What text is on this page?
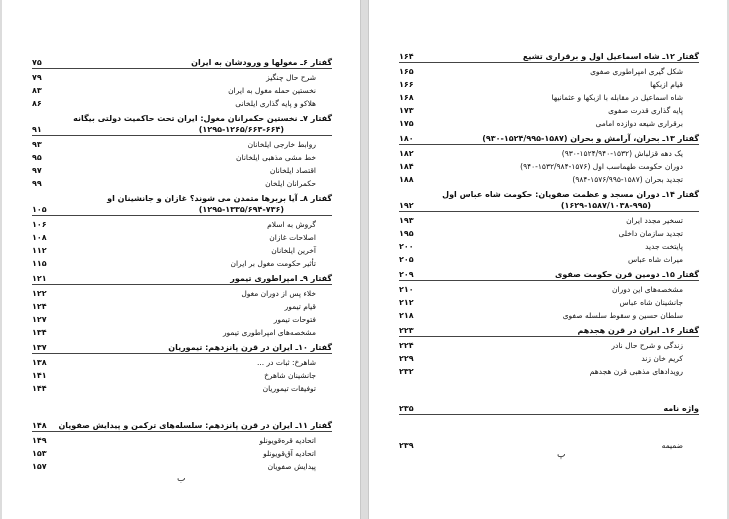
گفتار ۶ـ مغولها و ورودشان به ایران
۷۵
شرح حال چنگیز
۷۹
نخستین حمله مغول به ایران
۸۳
هلاکو و پایه گذاری ایلخانی
۸۶
گفتار ۷ـ نخستین حکمرانان مغول: ایران تحت حاکمیت دولتی بیگانه
(۱۲۹۵-۱۲۶۵/۶۶۳-۶۶۴)
۹۱
روابط خارجی ایلخانان
۹۳
خط مشی مذهبی ایلخانان
۹۵
اقتصاد ایلخانان
۹۷
حکمرانان ایلخان
۹۹
گفتار ۸ـ آیا بربرها متمدن می شوند؟ غازان و جانشینان او
(۱۲۹۵-۱۳۳۵/۶۹۴-۷۳۶)
۱۰۵
گروش به اسلام
۱۰۶
اصلاحات غازان
۱۰۸
آخرین ایلخانان
۱۱۲
تأثیر حکومت مغول بر ایران
۱۱۵
گفتار ۹ـ امپراطوری تیمور
۱۲۱
خلاء پس از دوران مغول
۱۲۲
قیام تیمور
۱۲۴
فتوحات تیمور
۱۲۷
مشخصه‌های امپراطوری تیمور
۱۳۴
گفتار ۱۰ـ ایران در قرن پانزدهم: تیموریان
۱۳۷
شاهرخ: ثبات در ...
۱۳۸
جانشینان شاهرخ
۱۴۱
توفیقات تیموریان
۱۴۴
گفتار ۱۱ـ ایران در قرن پانزدهم: سلسله‌های ترکمن و پیدایش صفویان
۱۴۸
اتحادیه قره‌قویونلو
۱۴۹
اتحادیه آق‌قویونلو
۱۵۳
پیدایش صفویان
۱۵۷
ب
گفتار ۱۲ـ شاه اسماعیل اول و برقراری تشیع
۱۶۴
شکل گیری امپراطوری صفوی
۱۶۵
قیام ازبکها
۱۶۶
شاه اسماعیل در مقابله با ازبکها و عثمانیها
۱۶۸
پایه گذاری قدرت صفوی
۱۷۳
برقراری شیعه دوازده امامی
۱۷۵
گفتار ۱۳ـ بحران، آرامش و بحران (۱۵۸۷-۱۵۲۴/۹۹۵-۹۳۰)
۱۸۰
یک دهه قزلباش (۱۵۳۲-۱۵۲۴/۹۴۰-۹۳۰)
۱۸۲
دوران حکومت طهماسب اول (۱۵۷۶-۱۵۳۲/۹۸۴-۹۴۰)
۱۸۴
تجدید بحران (۱۵۸۷-۱۵۷۶/۹۹۵-۹۸۴)
۱۸۸
گفتار ۱۴ـ دوران مسجد و عظمت صفویان: حکومت شاه عباس اول
(۱۶۲۹-۱۵۸۷/۱۰۳۸-۹۹۵)
۱۹۲
تسخیر مجدد ایران
۱۹۳
تجدید سازمان داخلی
۱۹۵
پایتخت جدید
۲۰۰
میراث شاه عباس
۲۰۵
گفتار ۱۵ـ دومین قرن حکومت صفوی
۲۰۹
مشخصه‌های این دوران
۲۱۰
جانشینان شاه عباس
۲۱۲
سلطان حسین و سقوط سلسله صفوی
۲۱۸
گفتار ۱۶ـ ایران در قرن هجدهم
۲۲۳
زندگی و شرح حال نادر
۲۲۴
کریم خان زند
۲۲۹
رویدادهای مذهبی قرن هجدهم
۲۳۲
واژه نامه
۲۳۵
ضمیمه
۲۳۹
پ
